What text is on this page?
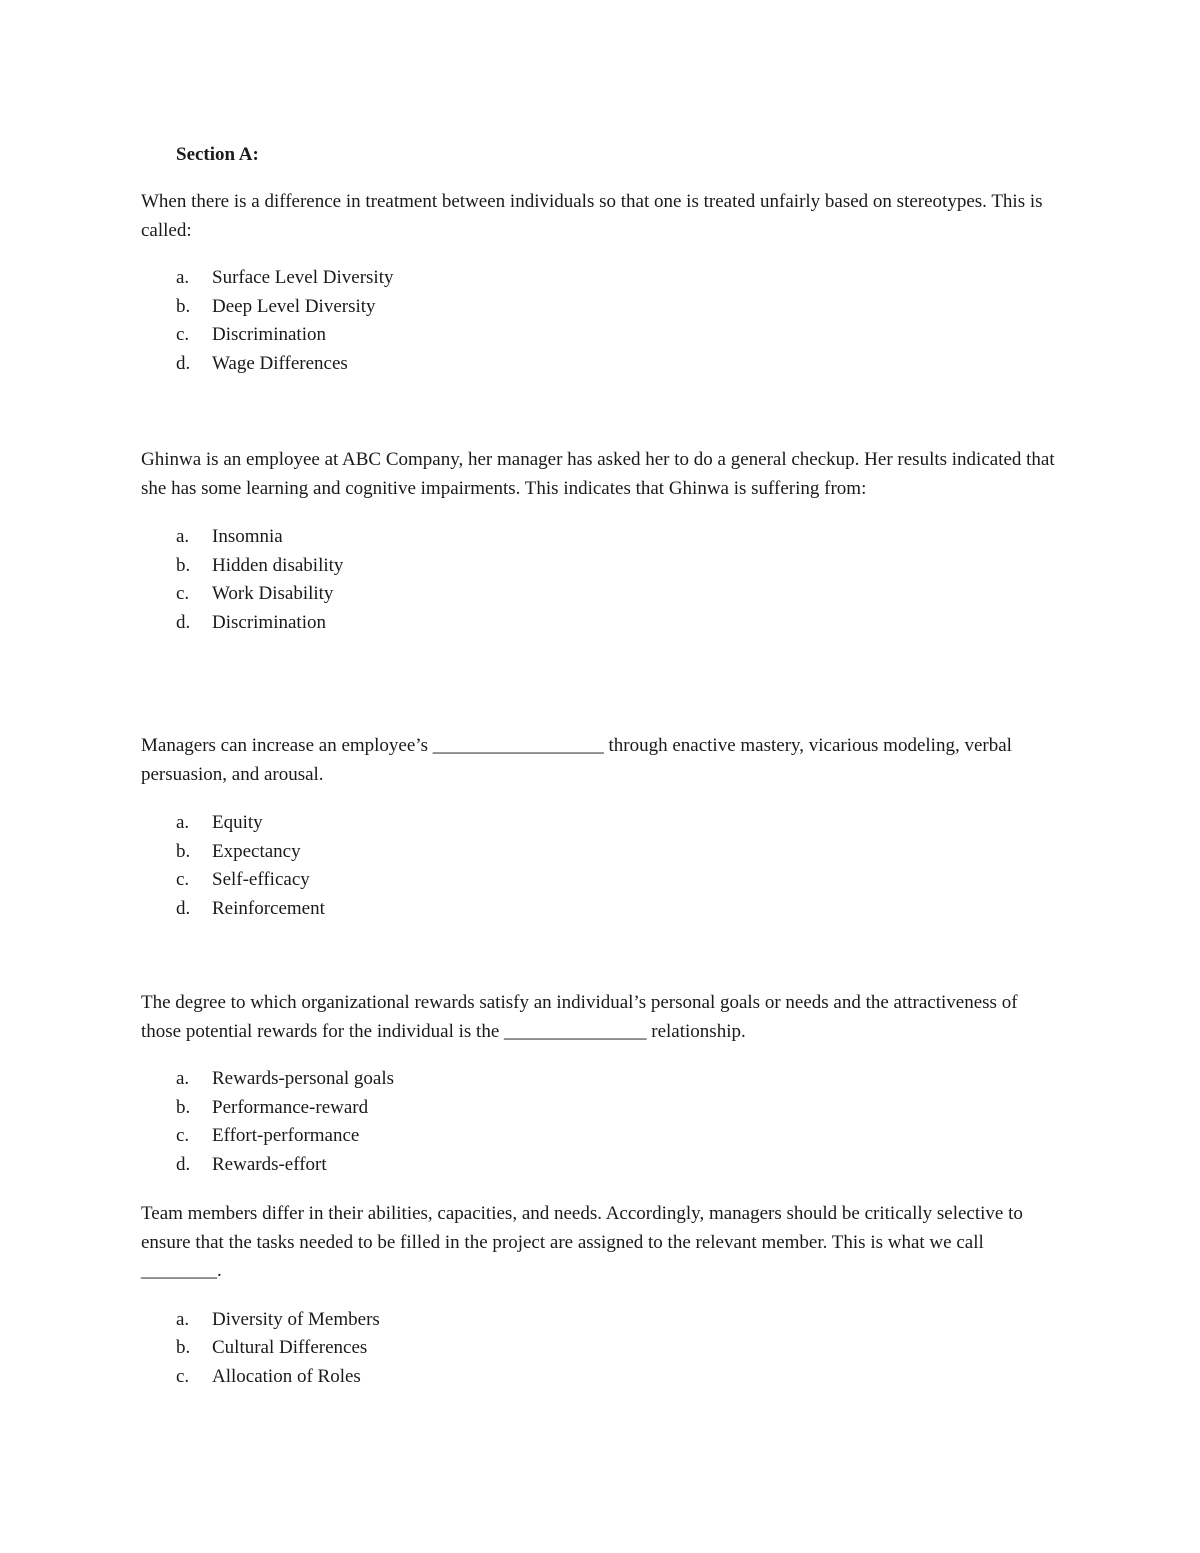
Section A:

When there is a difference in treatment between individuals so that one is treated unfairly based on stereotypes. This is called:

a. Surface Level Diversity
b. Deep Level Diversity
c. Discrimination
d. Wage Differences

Ghinwa is an employee at ABC Company, her manager has asked her to do a general checkup. Her results indicated that she has some learning and cognitive impairments. This indicates that Ghinwa is suffering from:

a. Insomnia
b. Hidden disability
c. Work Disability
d. Discrimination

Managers can increase an employee’s __________________ through enactive mastery, vicarious modeling, verbal persuasion, and arousal.

a. Equity
b. Expectancy
c. Self-efficacy
d. Reinforcement

The degree to which organizational rewards satisfy an individual’s personal goals or needs and the attractiveness of those potential rewards for the individual is the _______________ relationship.

a. Rewards-personal goals
b. Performance-reward
c. Effort-performance
d. Rewards-effort

Team members differ in their abilities, capacities, and needs. Accordingly, managers should be critically selective to ensure that the tasks needed to be filled in the project are assigned to the relevant member. This is what we call ________.

a. Diversity of Members
b. Cultural Differences
c. Allocation of Roles
